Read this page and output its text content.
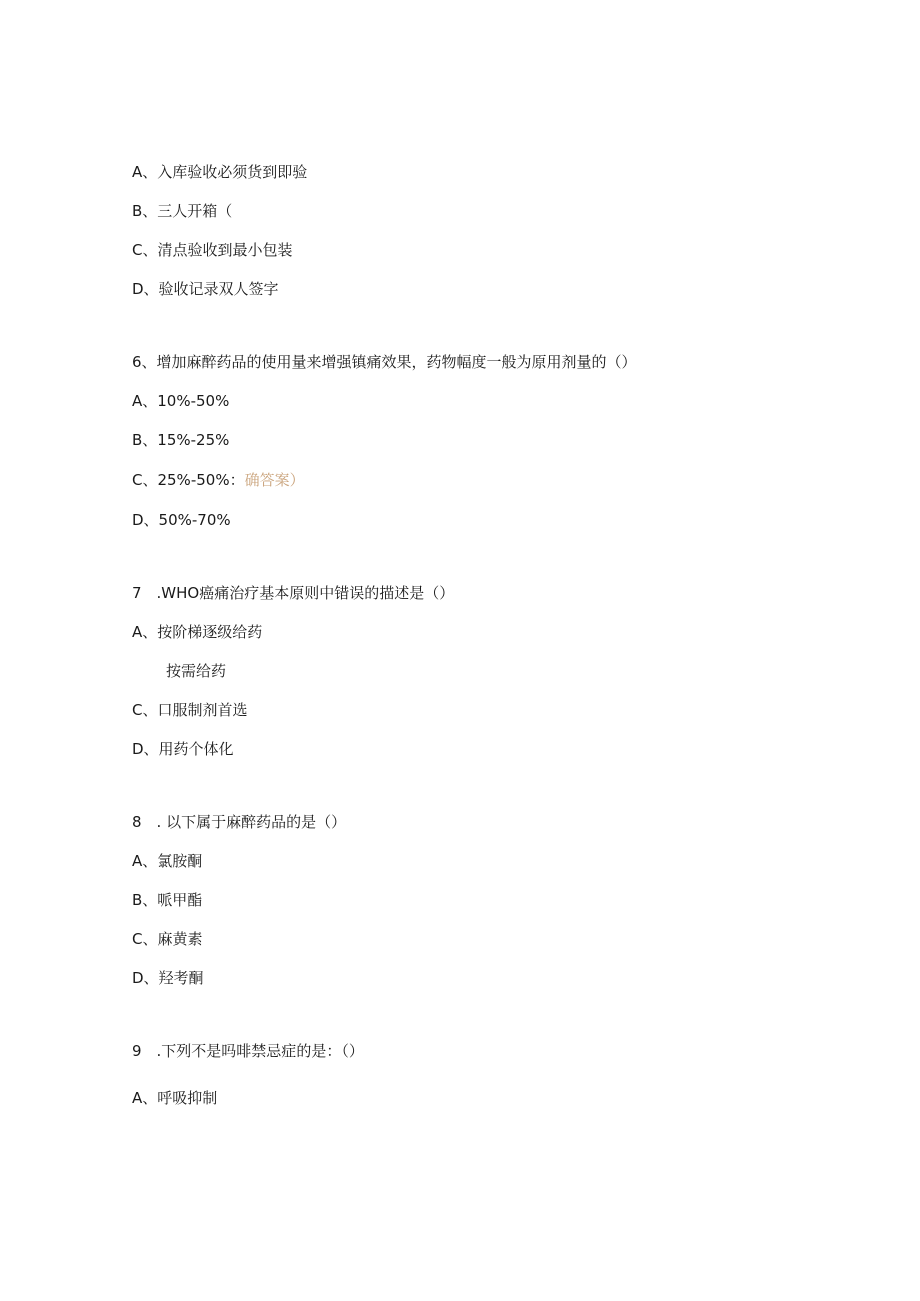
A、入库验收必须货到即验
B、三人开箱（
C、清点验收到最小包装
D、验收记录双人签字
6、增加麻醉药品的使用量来增强镇痛效果，药物幅度一般为原用剂量的（）
A、10%-50%
B、15%-25%
C、25%-50%：确答案）
D、50%-70%
7　.WHO癌痛治疗基本原则中错误的描述是（）
A、按阶梯逐级给药
按需给药
C、口服制剂首选
D、用药个体化
8　. 以下属于麻醉药品的是（）
A、氯胺酮
B、哌甲酯
C、麻黄素
D、羟考酮
9　.下列不是吗啡禁忌症的是：（）
A、呼吸抑制
